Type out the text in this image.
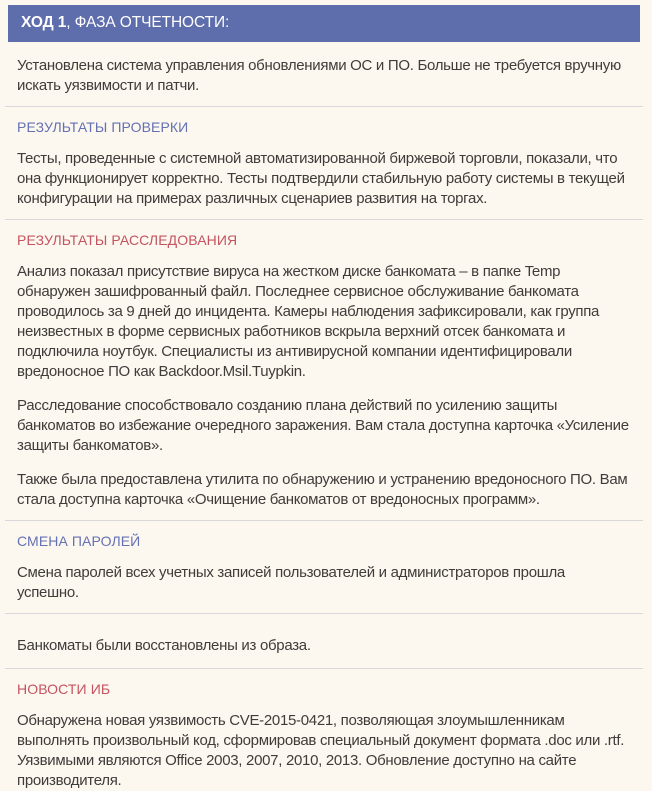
ХОД 1, ФАЗА ОТЧЕТНОСТИ:

Установлена система управления обновлениями ОС и ПО. Больше не требуется вручную искать уязвимости и патчи.

РЕЗУЛЬТАТЫ ПРОВЕРКИ

Тесты, проведенные с системной автоматизированной биржевой торговли, показали, что она функционирует корректно. Тесты подтвердили стабильную работу системы в текущей конфигурации на примерах различных сценариев развития на торгах.

РЕЗУЛЬТАТЫ РАССЛЕДОВАНИЯ

Анализ показал присутствие вируса на жестком диске банкомата – в папке Temp обнаружен зашифрованный файл. Последнее сервисное обслуживание банкомата проводилось за 9 дней до инцидента. Камеры наблюдения зафиксировали, как группа неизвестных в форме сервисных работников вскрыла верхний отсек банкомата и подключила ноутбук. Специалисты из антивирусной компании идентифицировали вредоносное ПО как Backdoor.Msil.Tuypkin.

Расследование способствовало созданию плана действий по усилению защиты банкоматов во избежание очередного заражения. Вам стала доступна карточка «Усиление защиты банкоматов».

Также была предоставлена утилита по обнаружению и устранению вредоносного ПО. Вам стала доступна карточка «Очищение банкоматов от вредоносных программ».

СМЕНА ПАРОЛЕЙ

Смена паролей всех учетных записей пользователей и администраторов прошла успешно.

Банкоматы были восстановлены из образа.

НОВОСТИ ИБ

Обнаружена новая уязвимость CVE-2015-0421, позволяющая злоумышленникам выполнять произвольный код, сформировав специальный документ формата .doc или .rtf. Уязвимыми являются Office 2003, 2007, 2010, 2013. Обновление доступно на сайте производителя.
